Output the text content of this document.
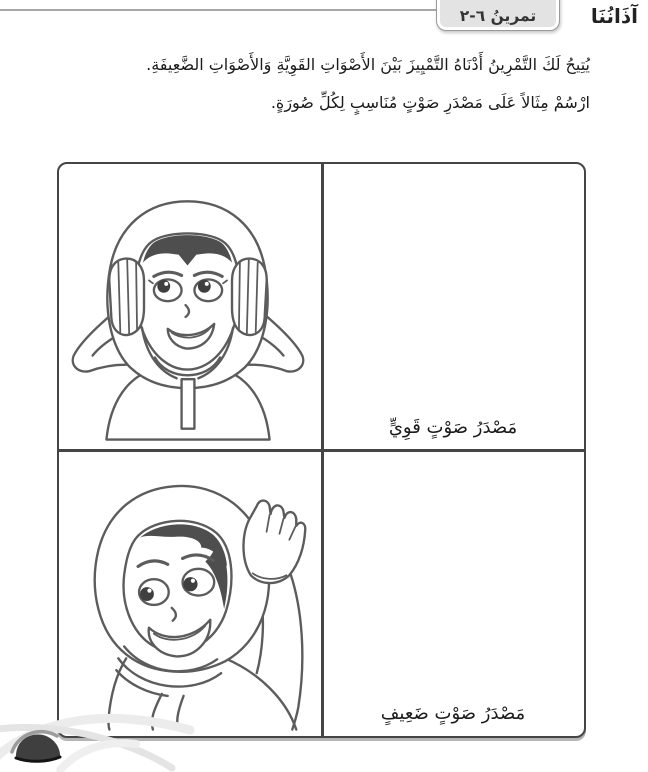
تمرينُ ٦-٢	آذَانُنَا
يُتِيحُ لَكَ التَّمْرِينُ أَدْنَاهُ التَّمْيِيزَ بَيْنَ الأَصْوَاتِ القَوِيَّةِ وَالأَصْوَاتِ الضَّعِيفَةِ.
ارْسُمْ مِثَالاً عَلَى مَصْدَرِ صَوْتٍ مُنَاسِبٍ لِكُلِّ صُورَةٍ.
مَصْدَرُ صَوْتٍ قَوِيٍّ
مَصْدَرُ صَوْتٍ ضَعِيفٍ
